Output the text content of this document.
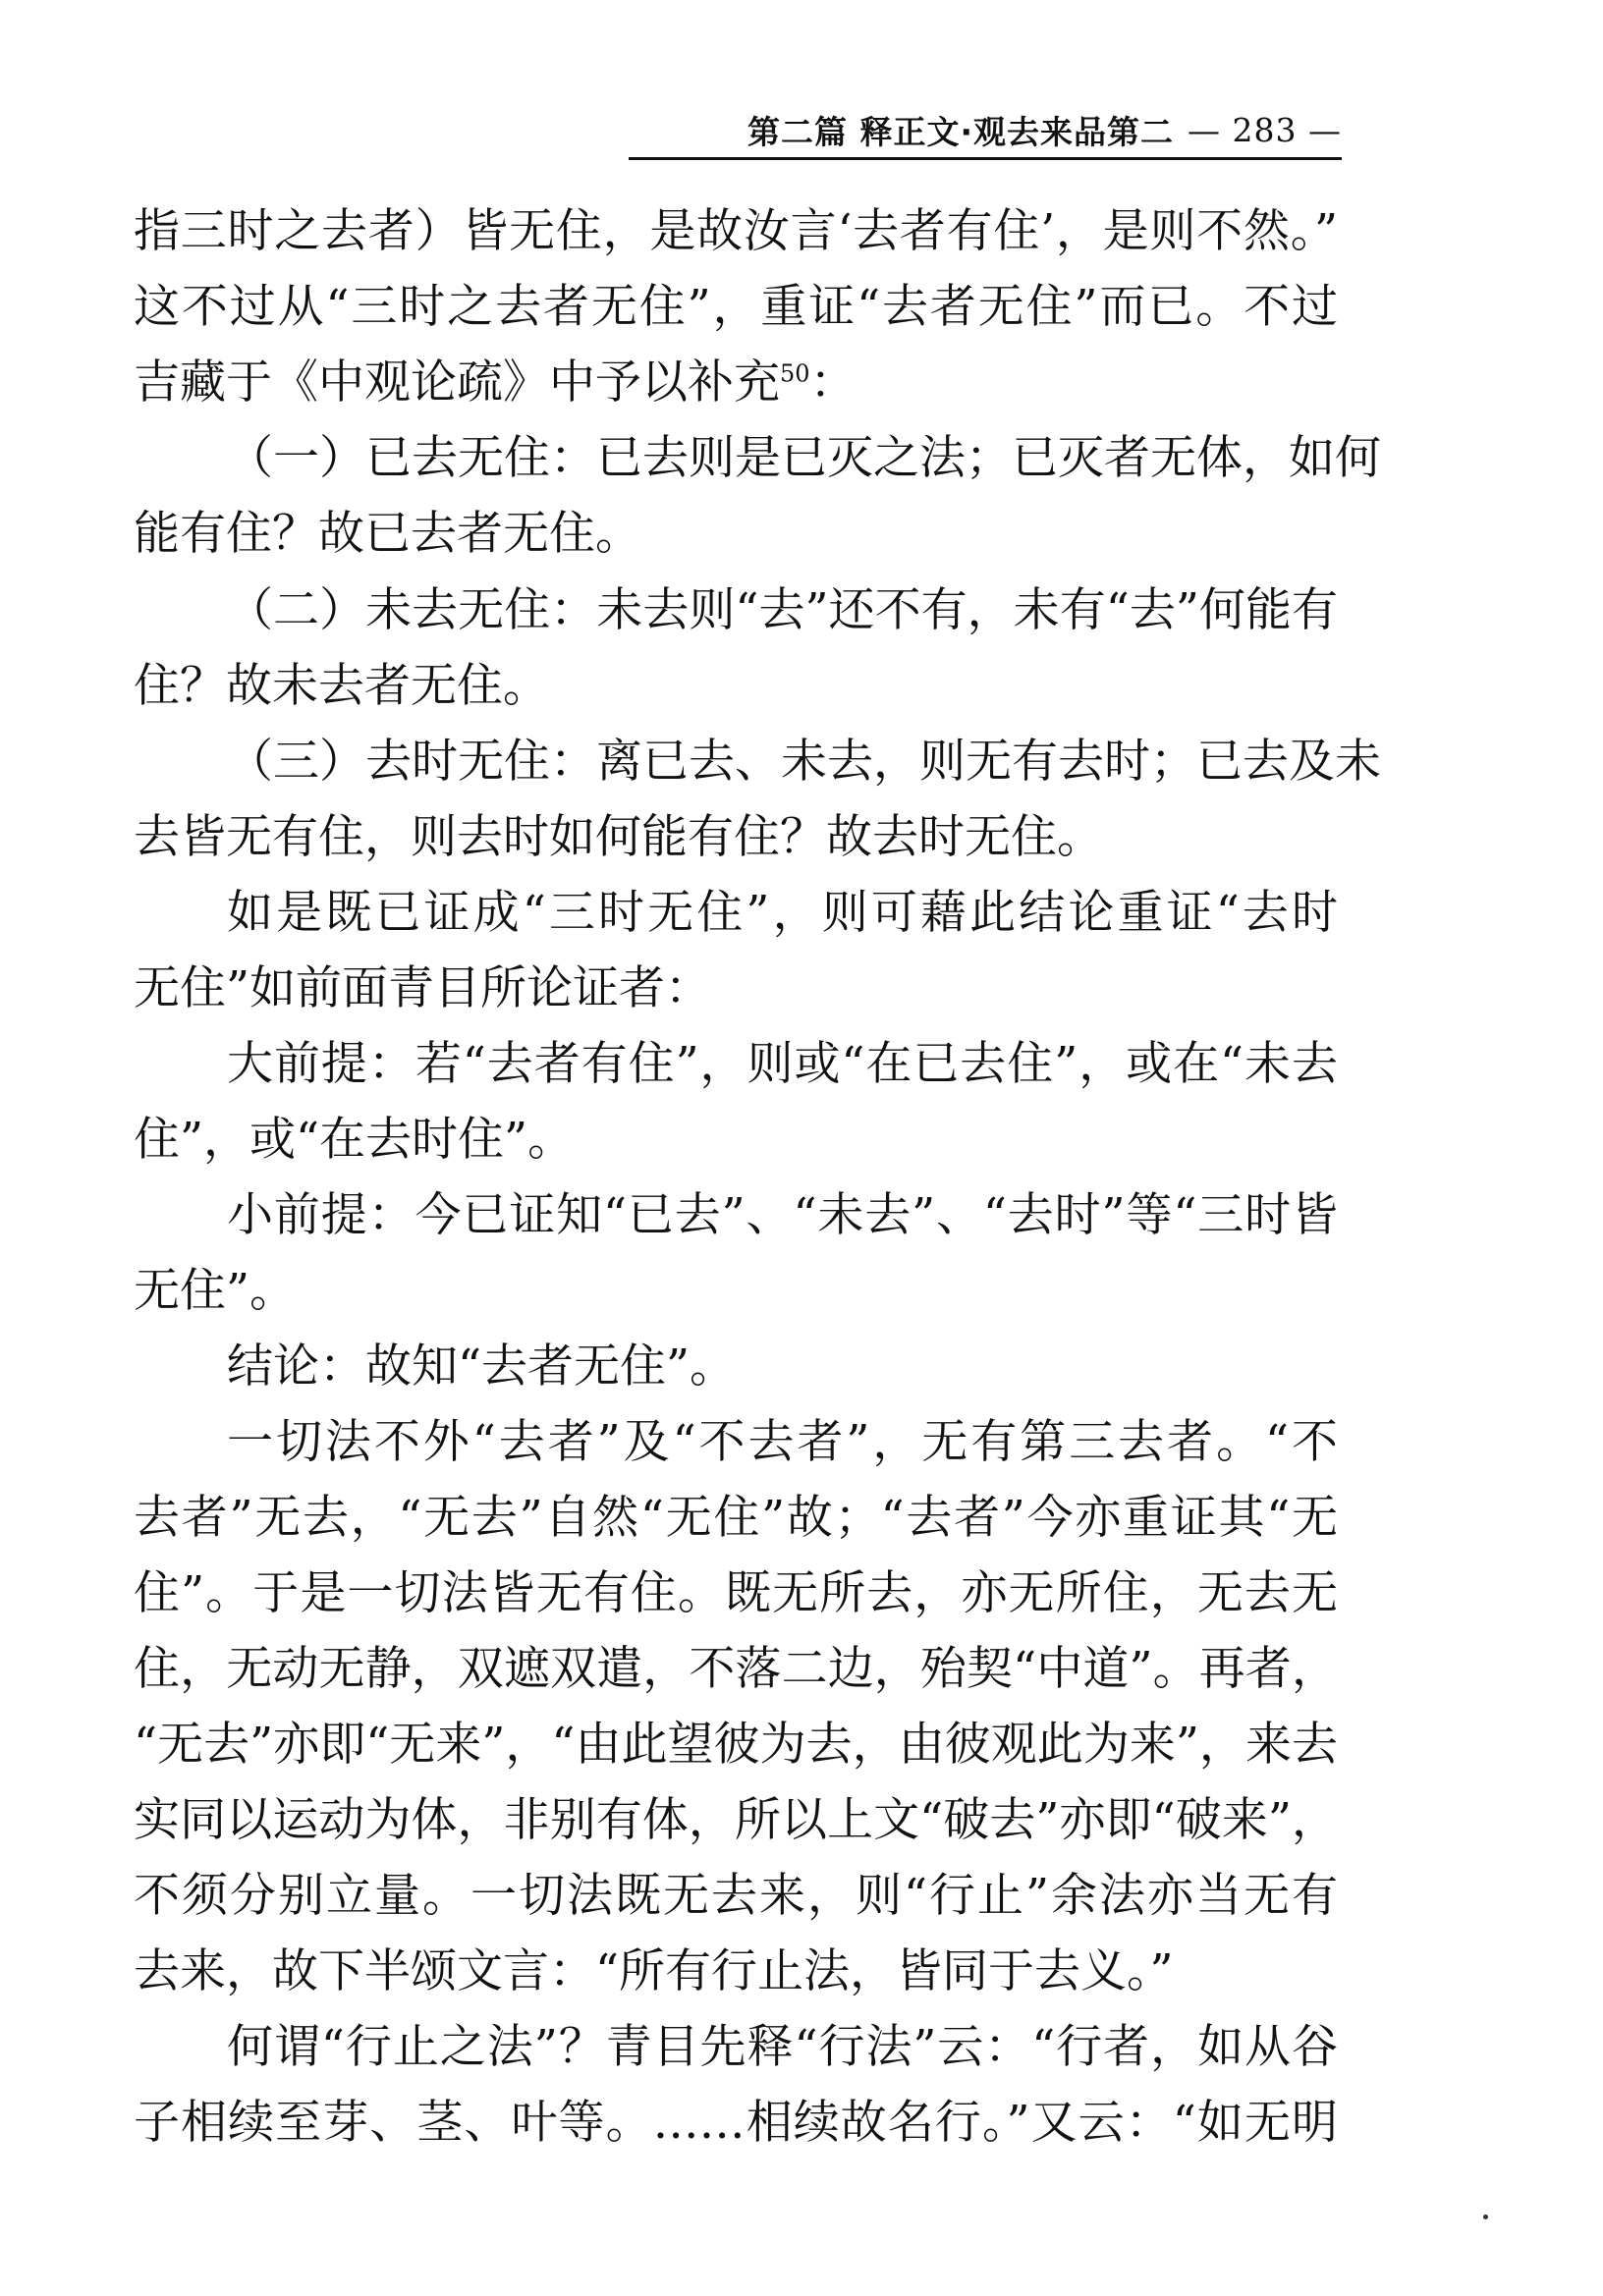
第二篇 释正文·观去来品第二 — 283 —
指三时之去者）皆无住，是故汝言‘去者有住’，是则不然。”
这不过从“三时之去者无住”，重证“去者无住”而已。不过
吉藏于《中观论疏》中予以补充$^{50}$：
（一）已去无住：已去则是已灭之法；已灭者无体，如何
能有住？故已去者无住。
（二）未去无住：未去则“去”还不有，未有“去”何能有
住？故未去者无住。
（三）去时无住：离已去、未去，则无有去时；已去及未
去皆无有住，则去时如何能有住？故去时无住。
如是既已证成“三时无住”，则可藉此结论重证“去时
无住”如前面青目所论证者：
大前提：若“去者有住”，则或“在已去住”，或在“未去
住”，或“在去时住”。
小前提：今已证知“已去”、“未去”、“去时”等“三时皆
无住”。
结论：故知“去者无住”。
一切法不外“去者”及“不去者”，无有第三去者。“不
去者”无去，“无去”自然“无住”故；“去者”今亦重证其“无
住”。于是一切法皆无有住。既无所去，亦无所住，无去无
住，无动无静，双遮双遣，不落二边，殆契“中道”。再者，
“无去”亦即“无来”，“由此望彼为去，由彼观此为来”，来去
实同以运动为体，非别有体，所以上文“破去”亦即“破来”，
不须分别立量。一切法既无去来，则“行止”余法亦当无有
去来，故下半颂文言：“所有行止法，皆同于去义。”
何谓“行止之法”？青目先释“行法”云：“行者，如从谷
子相续至芽、茎、叶等。……相续故名行。”又云：“如无明
